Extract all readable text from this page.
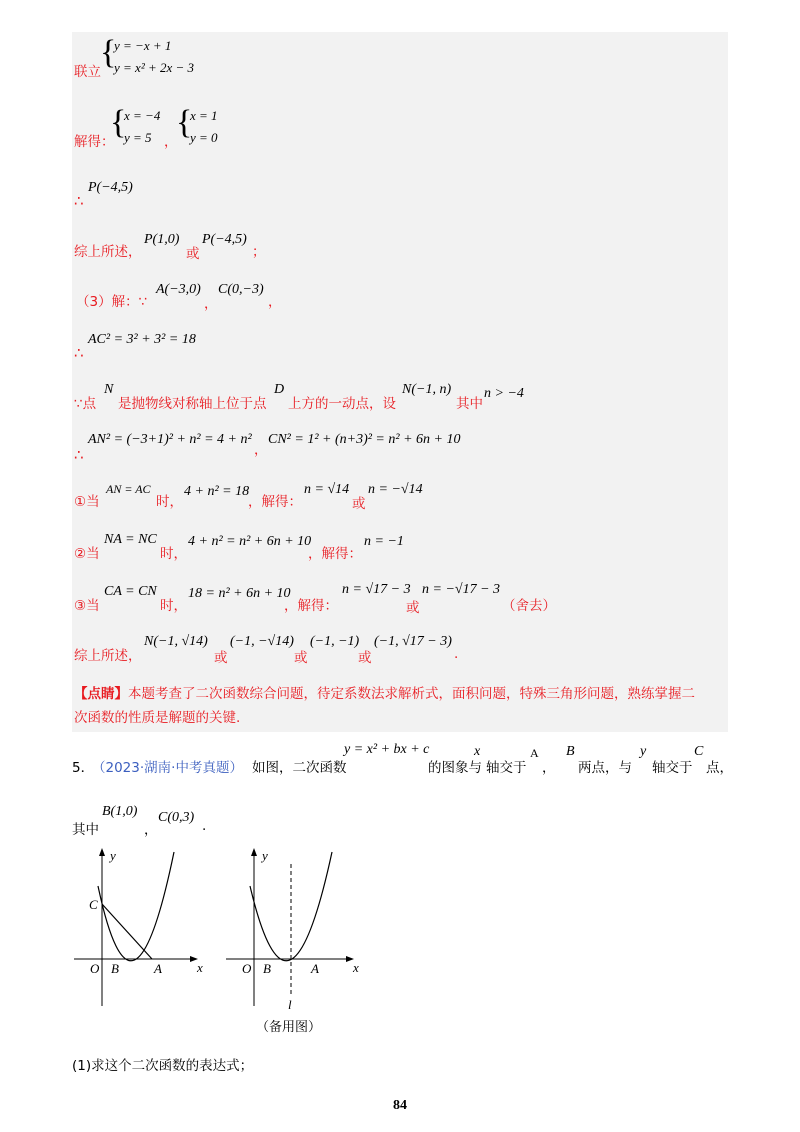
联立
{
y = −x + 1
y = x² + 2x − 3
解得：
{
x = −4
y = 5 ，
{
x = 1
y = 0
∴
P(−4,5)
综上所述，
P(1,0)
或
P(−4,5)
；
（3）解：∵
A(−3,0)
，
C(0,−3)
，
∴
AC² = 3² + 3² = 18
∵点
N
是抛物线对称轴上位于点
D
上方的一动点，设
N(−1, n)
其中
n > −4
∴
AN² = (−3+1)² + n² = 4 + n²
，
CN² = 1² + (n+3)² = n² + 6n + 10
①当
AN = AC
时，
4 + n² = 18
，解得：
n = √14
或
n = −√14
②当
NA = NC
时，
4 + n² = n² + 6n + 10
，解得：
n = −1
③当
CA = CN
时，
18 = n² + 6n + 10
，解得：
n = √17 − 3
或
n = −√17 − 3
（舍去）
综上所述，
N(−1, √14)
或
(−1, −√14)
或
(−1, −1)
或
(−1, √17 − 3)
.
【点睛】本题考查了二次函数综合问题，待定系数法求解析式，面积问题，特殊三角形问题，熟练掌握二
次函数的性质是解题的关键.
5．
（2023·湖南·中考真题） 如图，二次函数
y = x² + bx + c
的图象与
x
轴交于
A
，
B
两点，与
y
轴交于
C
点，
其中
B(1,0)
，
C(0,3)
.
y
x
O B	A
C
y
x
O B	A
l
（备用图）
(1)求这个二次函数的表达式；
84
